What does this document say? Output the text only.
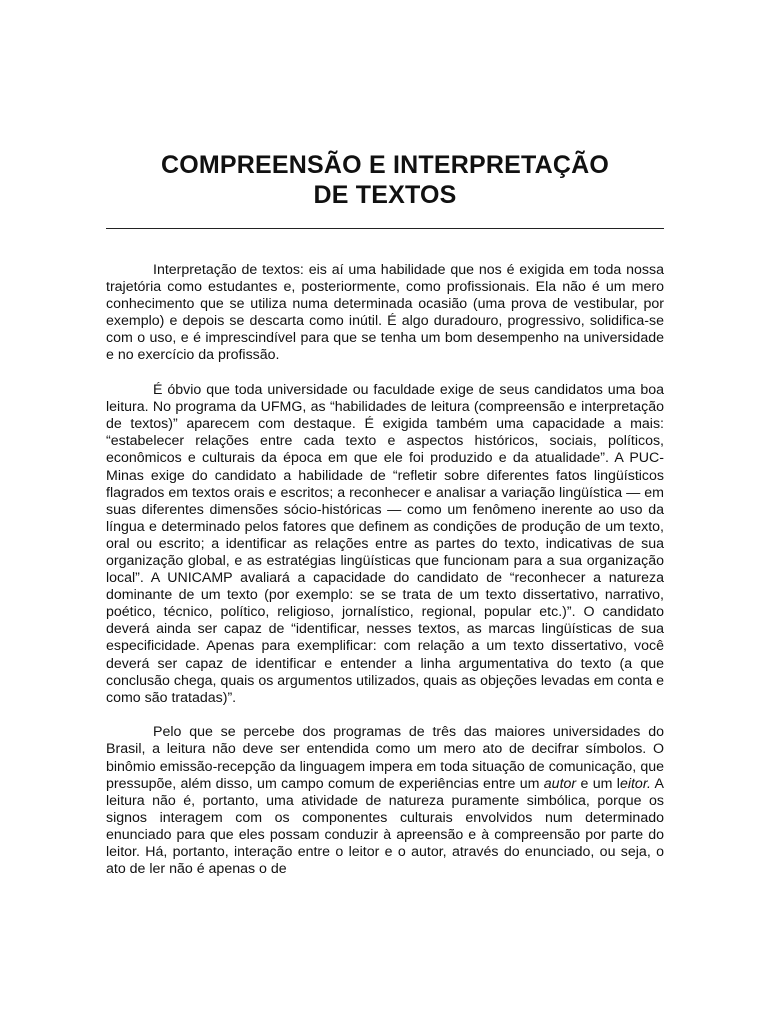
COMPREENSÃO E INTERPRETAÇÃO
DE TEXTOS

Interpretação de textos: eis aí uma habilidade que nos é exigida em toda nossa trajetória como estudantes e, posteriormente, como profissionais. Ela não é um mero conhecimento que se utiliza numa determinada ocasião (uma prova de vestibular, por exemplo) e depois se descarta como inútil. É algo duradouro, progressivo, solidifica-se com o uso, e é imprescindível para que se tenha um bom desempenho na universidade e no exercício da profissão.

É óbvio que toda universidade ou faculdade exige de seus candidatos uma boa leitura. No programa da UFMG, as “habilidades de leitura (compreensão e interpretação de textos)” aparecem com destaque. É exigida também uma capacidade a mais: “estabelecer relações entre cada texto e aspectos históricos, sociais, políticos, econômicos e culturais da época em que ele foi produzido e da atualidade”. A PUC-Minas exige do candidato a habilidade de “refletir sobre diferentes fatos lingüísticos flagrados em textos orais e escritos; a reconhecer e analisar a variação lingüística — em suas diferentes dimensões sócio-históricas — como um fenômeno inerente ao uso da língua e determinado pelos fatores que definem as condições de produção de um texto, oral ou escrito; a identificar as relações entre as partes do texto, indicativas de sua organização global, e as estratégias lingüísticas que funcionam para a sua organização local”. A UNICAMP avaliará a capacidade do candidato de “reconhecer a natureza dominante de um texto (por exemplo: se se trata de um texto dissertativo, narrativo, poético, técnico, político, religioso, jornalístico, regional, popular etc.)”. O candidato deverá ainda ser capaz de “identificar, nesses textos, as marcas lingüísticas de sua especificidade. Apenas para exemplificar: com relação a um texto dissertativo, você deverá ser capaz de identificar e entender a linha argumentativa do texto (a que conclusão chega, quais os argumentos utilizados, quais as objeções levadas em conta e como são tratadas)”.

Pelo que se percebe dos programas de três das maiores universidades do Brasil, a leitura não deve ser entendida como um mero ato de decifrar símbolos. O binômio emissão-recepção da linguagem impera em toda situação de comunicação, que pressupõe, além disso, um campo comum de experiências entre um autor e um leitor. A leitura não é, portanto, uma atividade de natureza puramente simbólica, porque os signos interagem com os componentes culturais envolvidos num determinado enunciado para que eles possam conduzir à apreensão e à compreensão por parte do leitor. Há, portanto, interação entre o leitor e o autor, através do enunciado, ou seja, o ato de ler não é apenas o de
